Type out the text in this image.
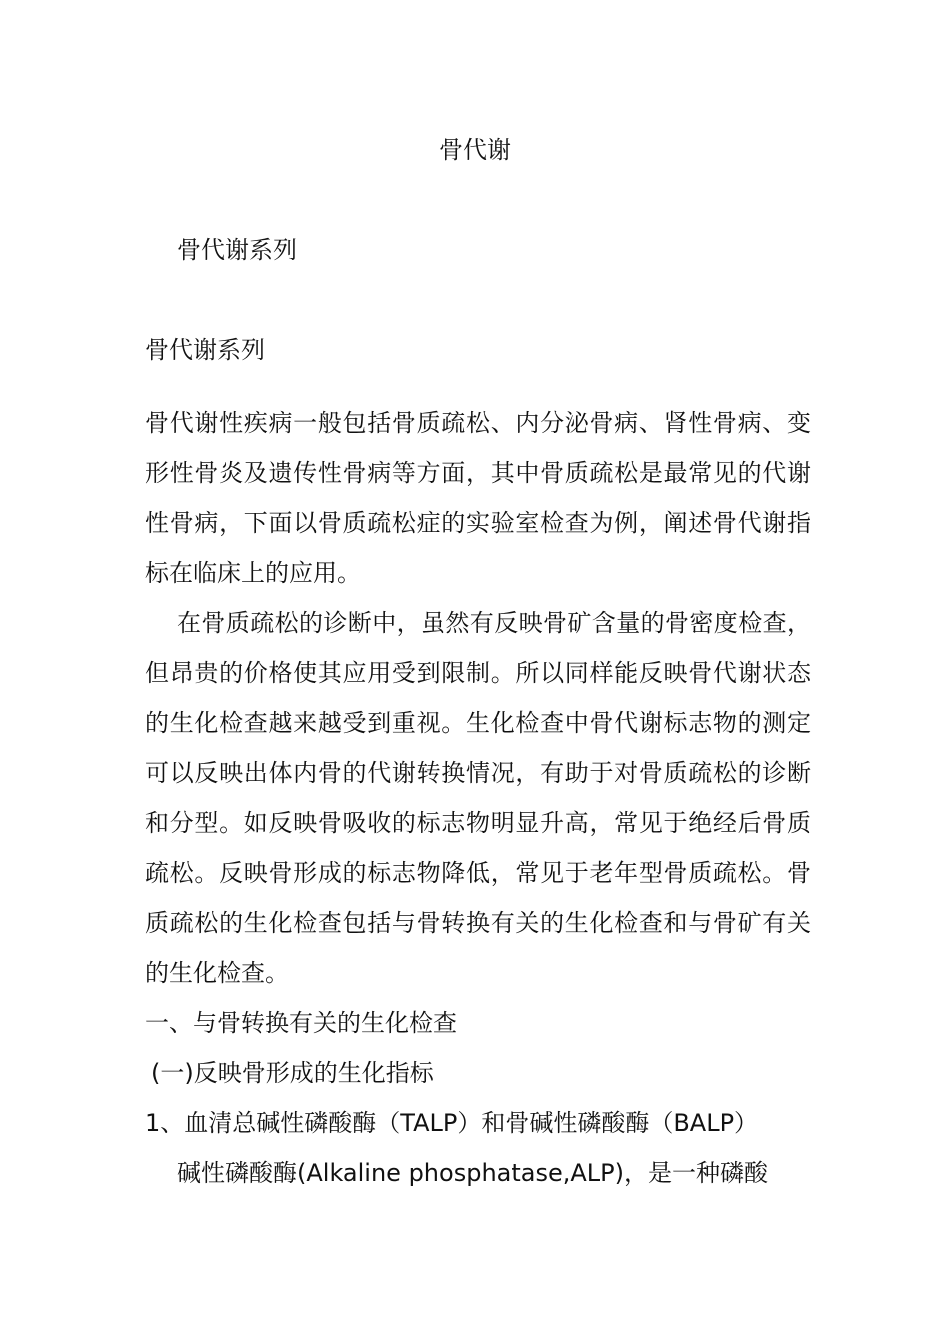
骨代谢
骨代谢系列

骨代谢系列

骨代谢性疾病一般包括骨质疏松、内分泌骨病、肾性骨病、变形性骨炎及遗传性骨病等方面，其中骨质疏松是最常见的代谢性骨病，下面以骨质疏松症的实验室检查为例，阐述骨代谢指标在临床上的应用。

在骨质疏松的诊断中，虽然有反映骨矿含量的骨密度检查，但昂贵的价格使其应用受到限制。所以同样能反映骨代谢状态的生化检查越来越受到重视。生化检查中骨代谢标志物的测定可以反映出体内骨的代谢转换情况，有助于对骨质疏松的诊断和分型。如反映骨吸收的标志物明显升高，常见于绝经后骨质疏松。反映骨形成的标志物降低，常见于老年型骨质疏松。骨质疏松的生化检查包括与骨转换有关的生化检查和与骨矿有关的生化检查。

一、与骨转换有关的生化检查

(一)反映骨形成的生化指标

1、血清总碱性磷酸酶（TALP）和骨碱性磷酸酶（BALP）

碱性磷酸酶(Alkaline phosphatase,ALP)，是一种磷酸
